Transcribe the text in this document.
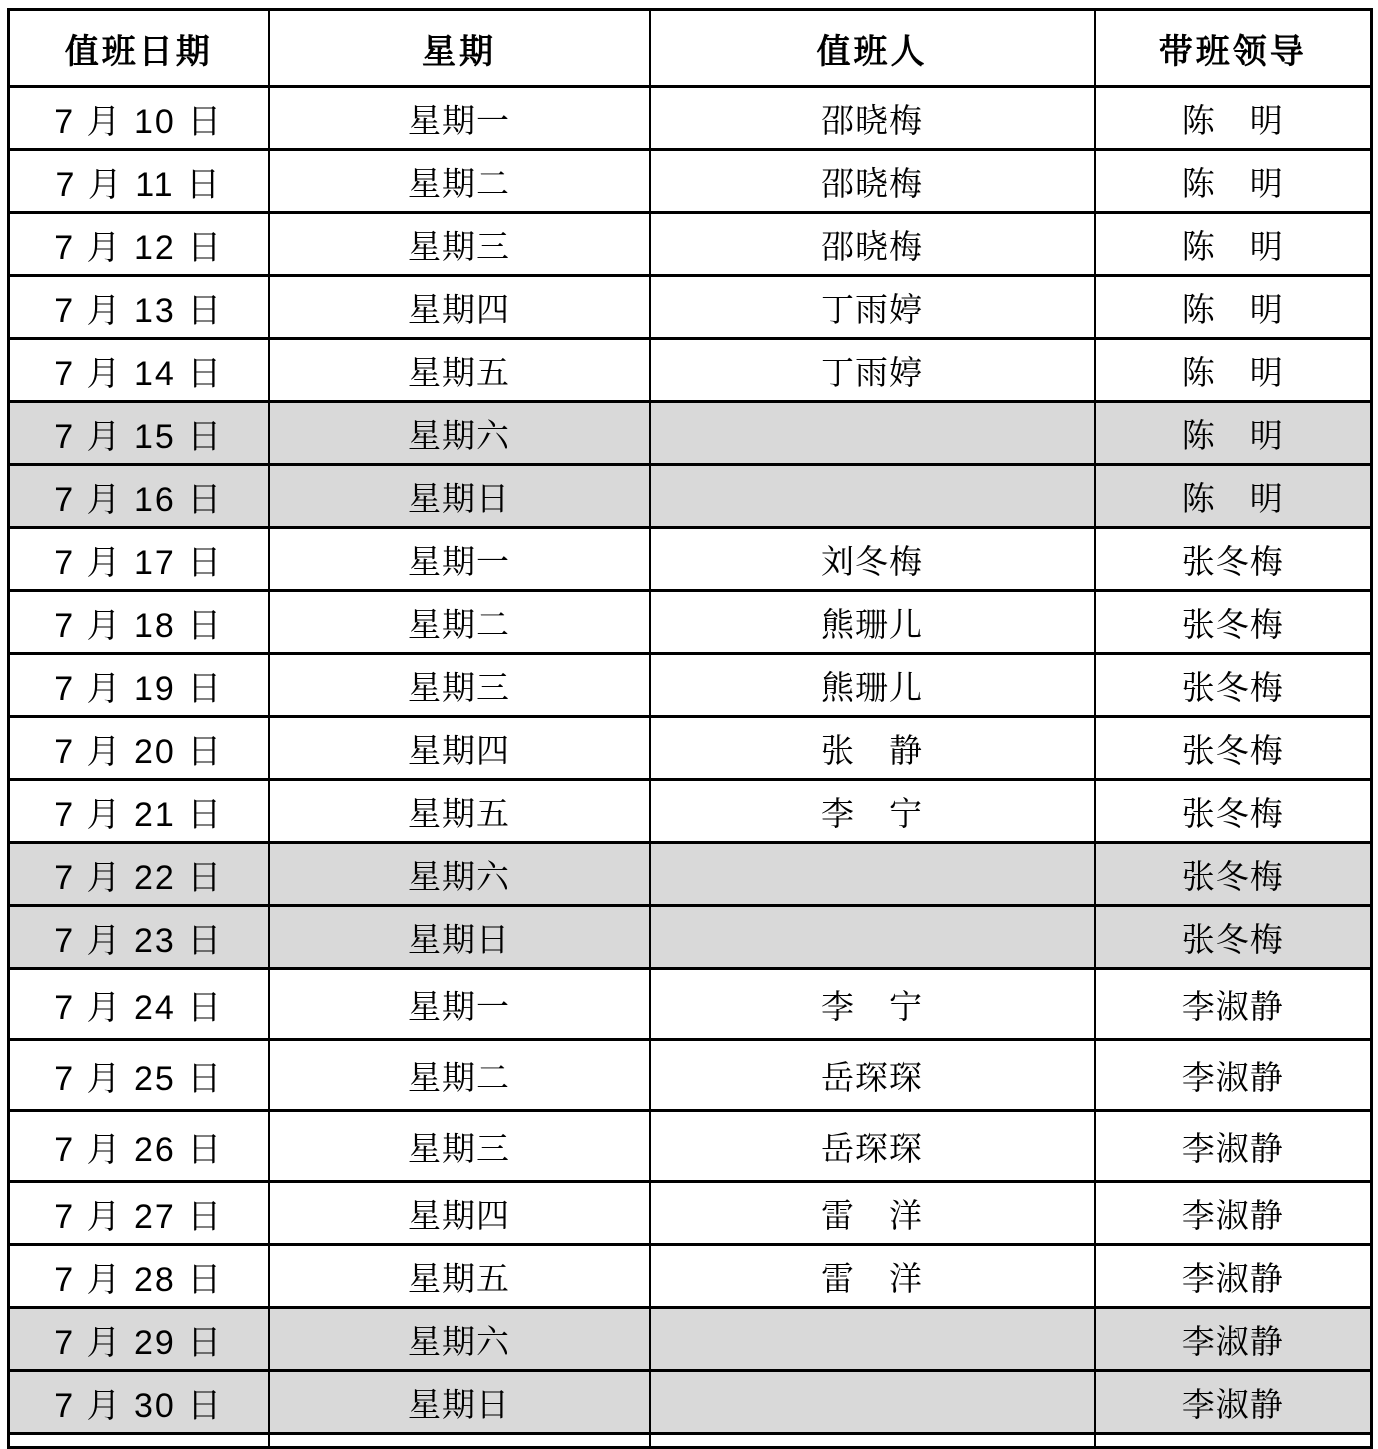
值班日期	星期	值班人	带班领导
7 月 10 日	星期一	邵晓梅	陈　明
7 月 11 日	星期二	邵晓梅	陈　明
7 月 12 日	星期三	邵晓梅	陈　明
7 月 13 日	星期四	丁雨婷	陈　明
7 月 14 日	星期五	丁雨婷	陈　明
7 月 15 日	星期六		陈　明
7 月 16 日	星期日		陈　明
7 月 17 日	星期一	刘冬梅	张冬梅
7 月 18 日	星期二	熊珊儿	张冬梅
7 月 19 日	星期三	熊珊儿	张冬梅
7 月 20 日	星期四	张　静	张冬梅
7 月 21 日	星期五	李　宁	张冬梅
7 月 22 日	星期六		张冬梅
7 月 23 日	星期日		张冬梅
7 月 24 日	星期一	李　宁	李淑静
7 月 25 日	星期二	岳琛琛	李淑静
7 月 26 日	星期三	岳琛琛	李淑静
7 月 27 日	星期四	雷　洋	李淑静
7 月 28 日	星期五	雷　洋	李淑静
7 月 29 日	星期六		李淑静
7 月 30 日	星期日		李淑静
